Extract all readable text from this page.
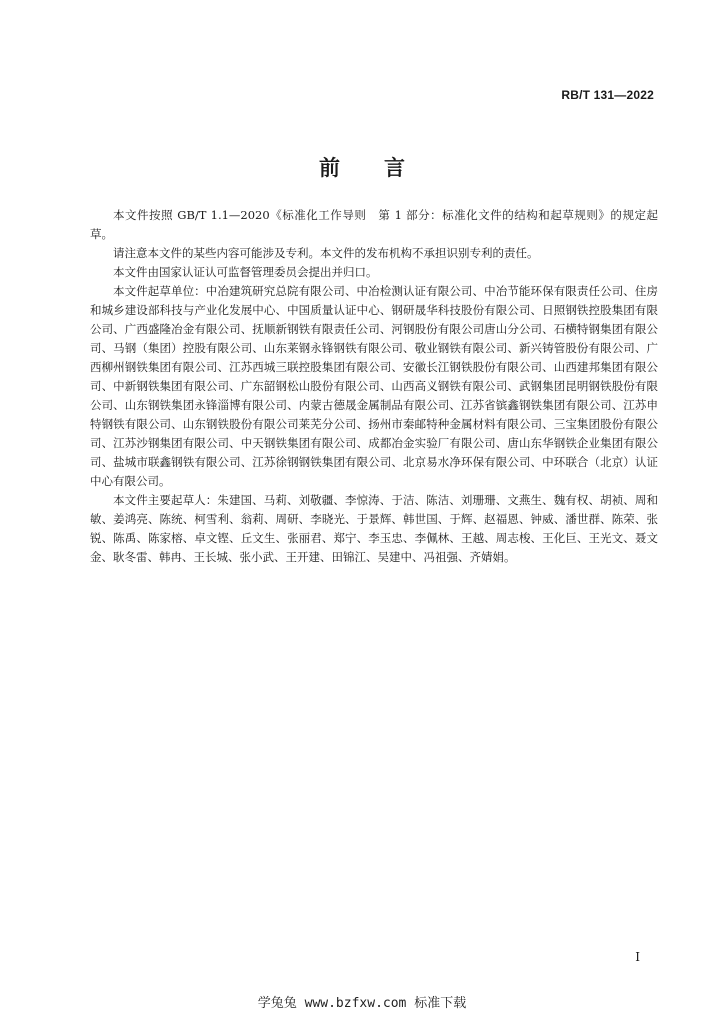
RB/T 131—2022
前言

本文件按照 GB/T 1.1—2020《标准化工作导则　第 1 部分：标准化文件的结构和起草规则》的规定起草。

请注意本文件的某些内容可能涉及专利。本文件的发布机构不承担识别专利的责任。

本文件由国家认证认可监督管理委员会提出并归口。

本文件起草单位：中冶建筑研究总院有限公司、中冶检测认证有限公司、中冶节能环保有限责任公司、住房和城乡建设部科技与产业化发展中心、中国质量认证中心、钢研晟华科技股份有限公司、日照钢铁控股集团有限公司、广西盛隆冶金有限公司、抚顺新钢铁有限责任公司、河钢股份有限公司唐山分公司、石横特钢集团有限公司、马钢（集团）控股有限公司、山东莱钢永锋钢铁有限公司、敬业钢铁有限公司、新兴铸管股份有限公司、广西柳州钢铁集团有限公司、江苏西城三联控股集团有限公司、安徽长江钢铁股份有限公司、山西建邦集团有限公司、中新钢铁集团有限公司、广东韶钢松山股份有限公司、山西高义钢铁有限公司、武钢集团昆明钢铁股份有限公司、山东钢铁集团永锋淄博有限公司、内蒙古德晟金属制品有限公司、江苏省镔鑫钢铁集团有限公司、江苏申特钢铁有限公司、山东钢铁股份有限公司莱芜分公司、扬州市秦邮特种金属材料有限公司、三宝集团股份有限公司、江苏沙钢集团有限公司、中天钢铁集团有限公司、成都冶金实验厂有限公司、唐山东华钢铁企业集团有限公司、盐城市联鑫钢铁有限公司、江苏徐钢钢铁集团有限公司、北京易水净环保有限公司、中环联合（北京）认证中心有限公司。

本文件主要起草人：朱建国、马莉、刘敬疆、李惊涛、于洁、陈洁、刘珊珊、文燕生、魏有权、胡祯、周和敏、姜鸿亮、陈统、柯雪利、翁莉、周研、李晓光、于景辉、韩世国、于辉、赵福恩、钟威、潘世群、陈荣、张锐、陈禹、陈家榕、卓文铿、丘文生、张丽君、郑宁、李玉忠、李佩林、王越、周志梭、王化巨、王光文、聂文金、耿冬雷、韩冉、王长城、张小武、王开建、田锦江、吴建中、冯祖强、齐婧娟。

I
学兔兔 www.bzfxw.com 标准下载
